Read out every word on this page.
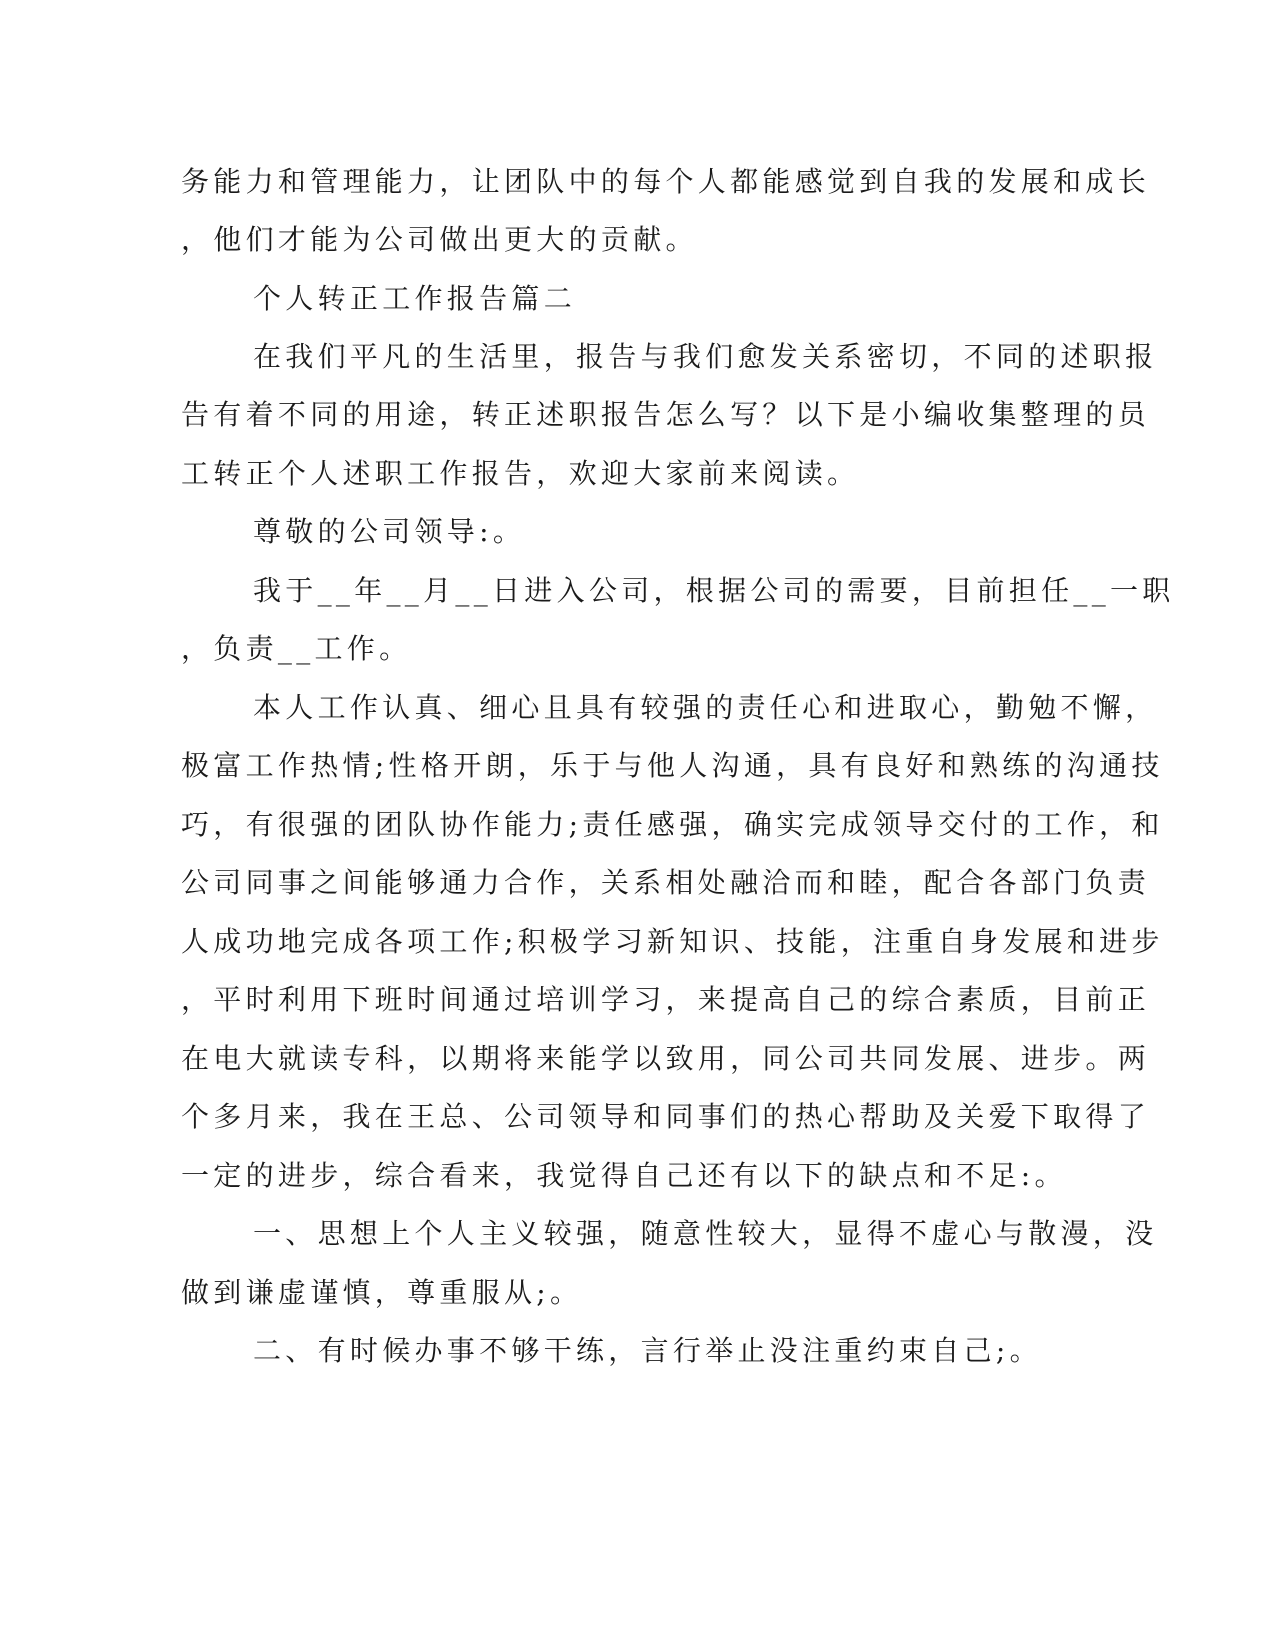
务能力和管理能力，让团队中的每个人都能感觉到自我的发展和成长
，他们才能为公司做出更大的贡献。
个人转正工作报告篇二
在我们平凡的生活里，报告与我们愈发关系密切，不同的述职报
告有着不同的用途，转正述职报告怎么写？以下是小编收集整理的员
工转正个人述职工作报告，欢迎大家前来阅读。
尊敬的公司领导:。
我于__年__月__日进入公司，根据公司的需要，目前担任__一职
，负责__工作。
本人工作认真、细心且具有较强的责任心和进取心，勤勉不懈，
极富工作热情;性格开朗，乐于与他人沟通，具有良好和熟练的沟通技
巧，有很强的团队协作能力;责任感强，确实完成领导交付的工作，和
公司同事之间能够通力合作，关系相处融洽而和睦，配合各部门负责
人成功地完成各项工作;积极学习新知识、技能，注重自身发展和进步
，平时利用下班时间通过培训学习，来提高自己的综合素质，目前正
在电大就读专科，以期将来能学以致用，同公司共同发展、进步。两
个多月来，我在王总、公司领导和同事们的热心帮助及关爱下取得了
一定的进步，综合看来，我觉得自己还有以下的缺点和不足:。
一、思想上个人主义较强，随意性较大，显得不虚心与散漫，没
做到谦虚谨慎，尊重服从;。
二、有时候办事不够干练，言行举止没注重约束自己;。
